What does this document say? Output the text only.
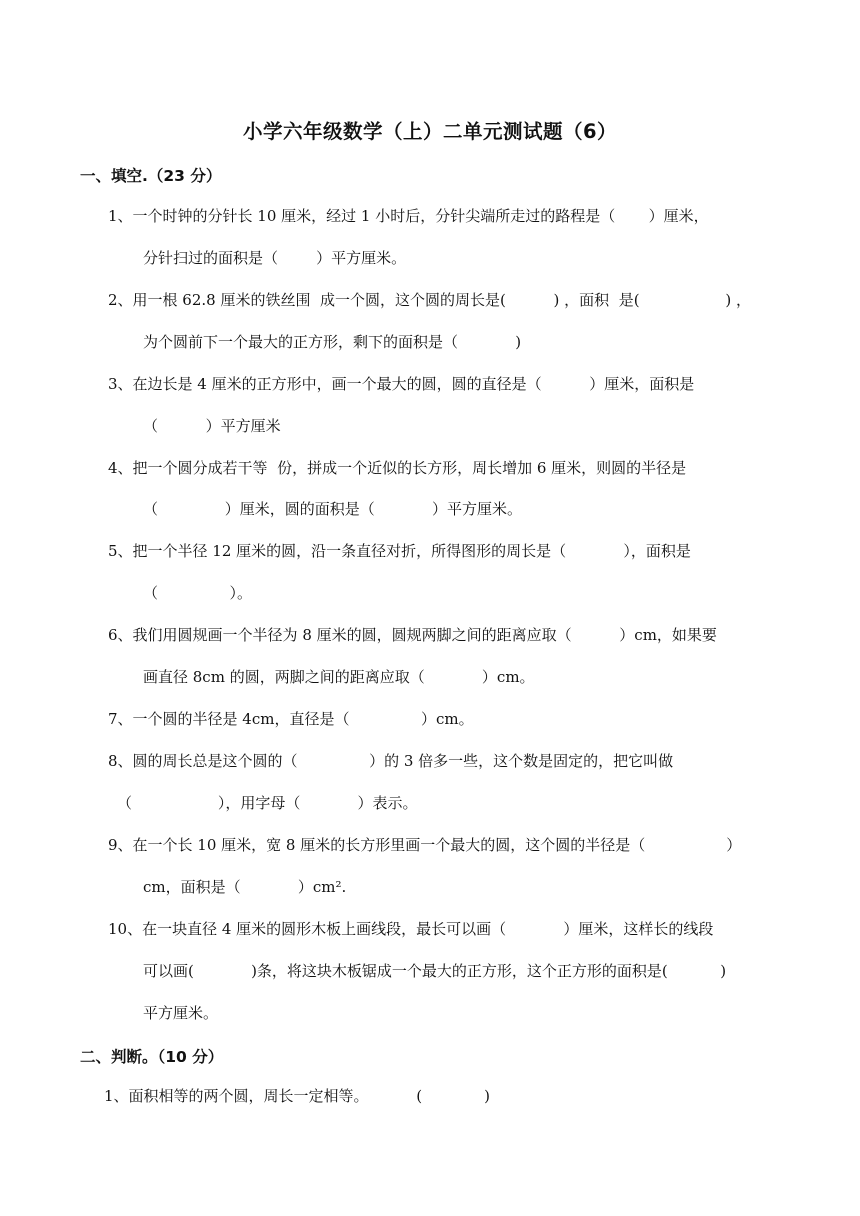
小学六年级数学（上）二单元测试题（6）
一、填空.（23 分）
1、一个时钟的分针长 10 厘米，经过 1 小时后，分针尖端所走过的路程是（       ）厘米，
分针扫过的面积是（        ）平方厘米。
2、用一根 62.8 厘米的铁丝围  成一个圆，这个圆的周长是(          ) ，面积  是(                  ) ，
为个圆前下一个最大的正方形，剩下的面积是（            )
3、在边长是 4 厘米的正方形中，画一个最大的圆，圆的直径是（          ）厘米，面积是
（          ）平方厘米
4、把一个圆分成若干等  份，拼成一个近似的长方形，周长增加 6 厘米，则圆的半径是
（              ）厘米，圆的面积是（            ）平方厘米。
5、把一个半径 12 厘米的圆，沿一条直径对折，所得图形的周长是（            ），面积是
（               ）。
6、我们用圆规画一个半径为 8 厘米的圆，圆规两脚之间的距离应取（          ）cm，如果要
画直径 8cm 的圆，两脚之间的距离应取（            ）cm。
7、一个圆的半径是 4cm，直径是（               ）cm。
8、圆的周长总是这个圆的（               ）的 3 倍多一些，这个数是固定的，把它叫做
（                  ），用字母（            ）表示。
9、在一个长 10 厘米，宽 8 厘米的长方形里画一个最大的圆，这个圆的半径是（                 ）
cm，面积是（            ）cm².
10、在一块直径 4 厘米的圆形木板上画线段，最长可以画（            ）厘米，这样长的线段
可以画(            )条，将这块木板锯成一个最大的正方形，这个正方形的面积是(           )
平方厘米。
二、判断。（10 分）
1、面积相等的两个圆，周长一定相等。          (             )
